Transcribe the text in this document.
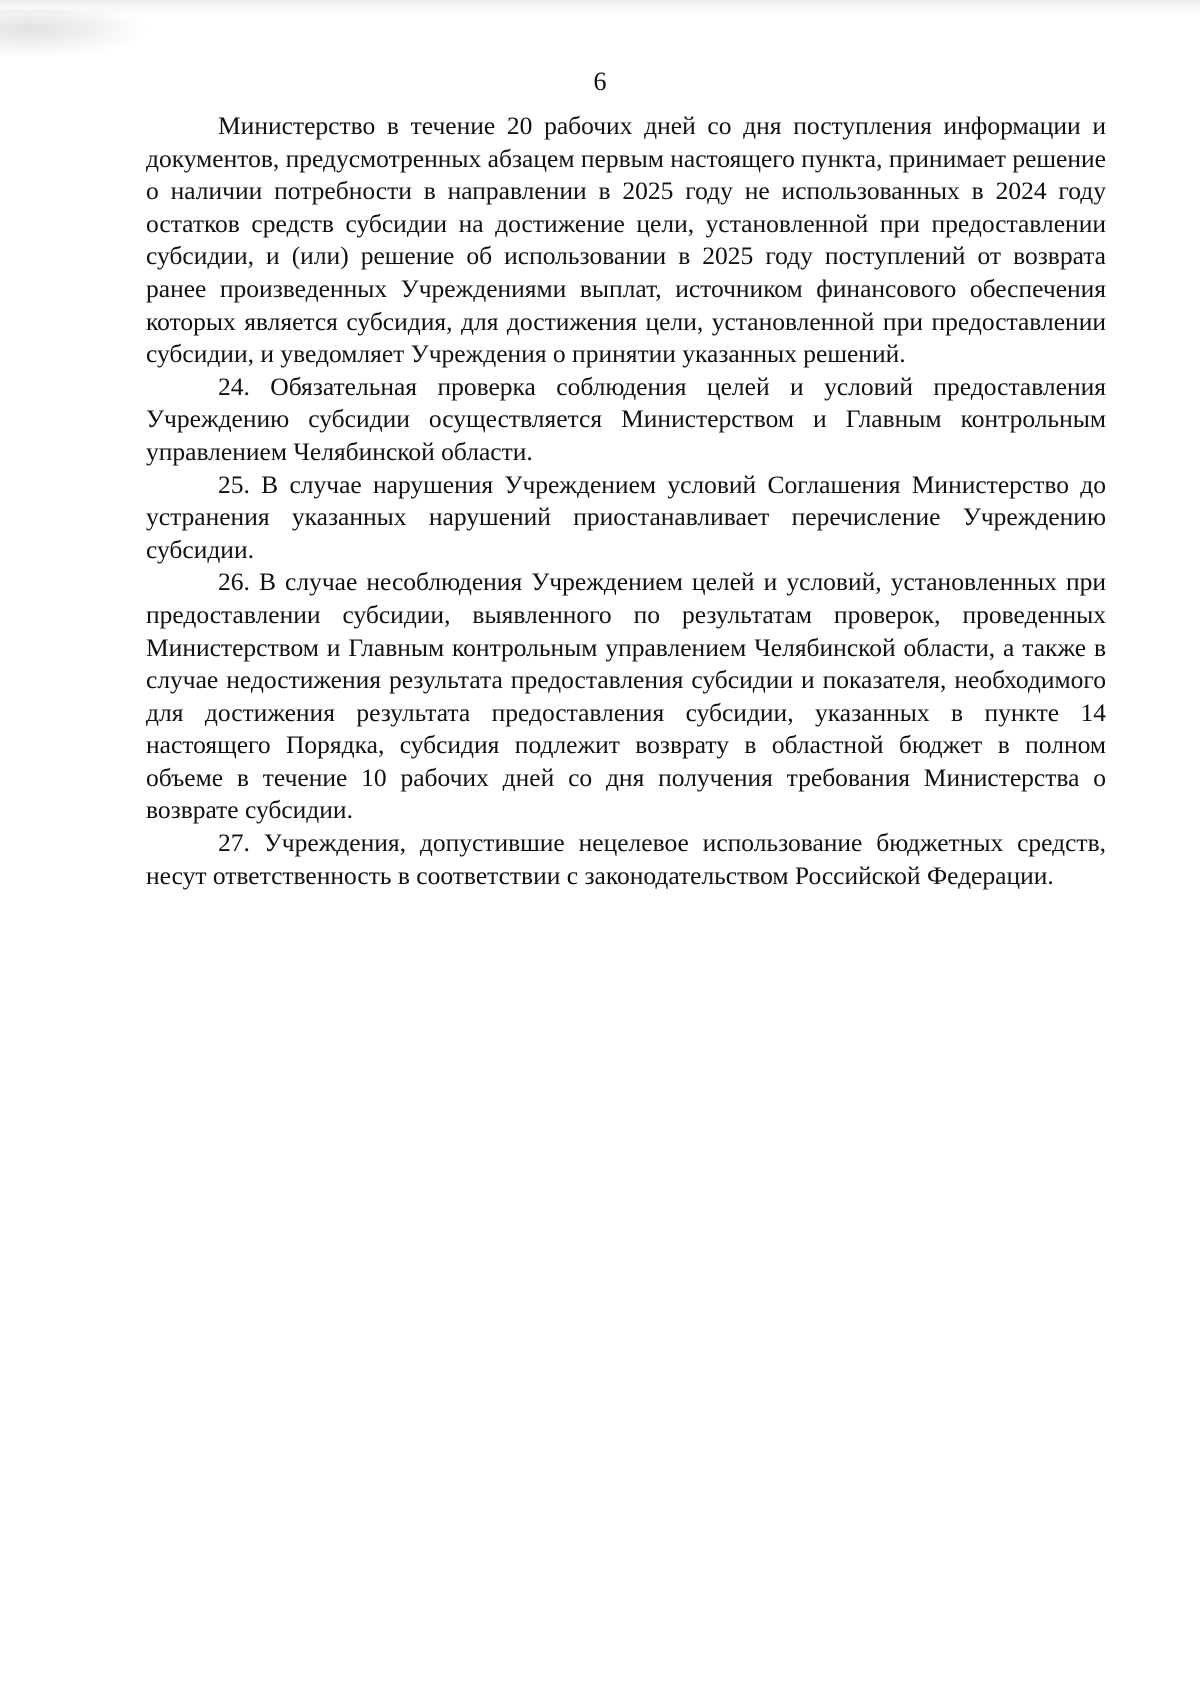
6

Министерство в течение 20 рабочих дней со дня поступления информации и документов, предусмотренных абзацем первым настоящего пункта, принимает решение о наличии потребности в направлении в 2025 году не использованных в 2024 году остатков средств субсидии на достижение цели, установленной при предоставлении субсидии, и (или) решение об использовании в 2025 году поступлений от возврата ранее произведенных Учреждениями выплат, источником финансового обеспечения которых является субсидия, для достижения цели, установленной при предоставлении субсидии, и уведомляет Учреждения о принятии указанных решений.

24. Обязательная проверка соблюдения целей и условий предоставления Учреждению субсидии осуществляется Министерством и Главным контрольным управлением Челябинской области.

25. В случае нарушения Учреждением условий Соглашения Министерство до устранения указанных нарушений приостанавливает перечисление Учреждению субсидии.

26. В случае несоблюдения Учреждением целей и условий, установленных при предоставлении субсидии, выявленного по результатам проверок, проведенных Министерством и Главным контрольным управлением Челябинской области, а также в случае недостижения результата предоставления субсидии и показателя, необходимого для достижения результата предоставления субсидии, указанных в пункте 14 настоящего Порядка, субсидия подлежит возврату в областной бюджет в полном объеме в течение 10 рабочих дней со дня получения требования Министерства о возврате субсидии.

27. Учреждения, допустившие нецелевое использование бюджетных средств, несут ответственность в соответствии с законодательством Российской Федерации.
